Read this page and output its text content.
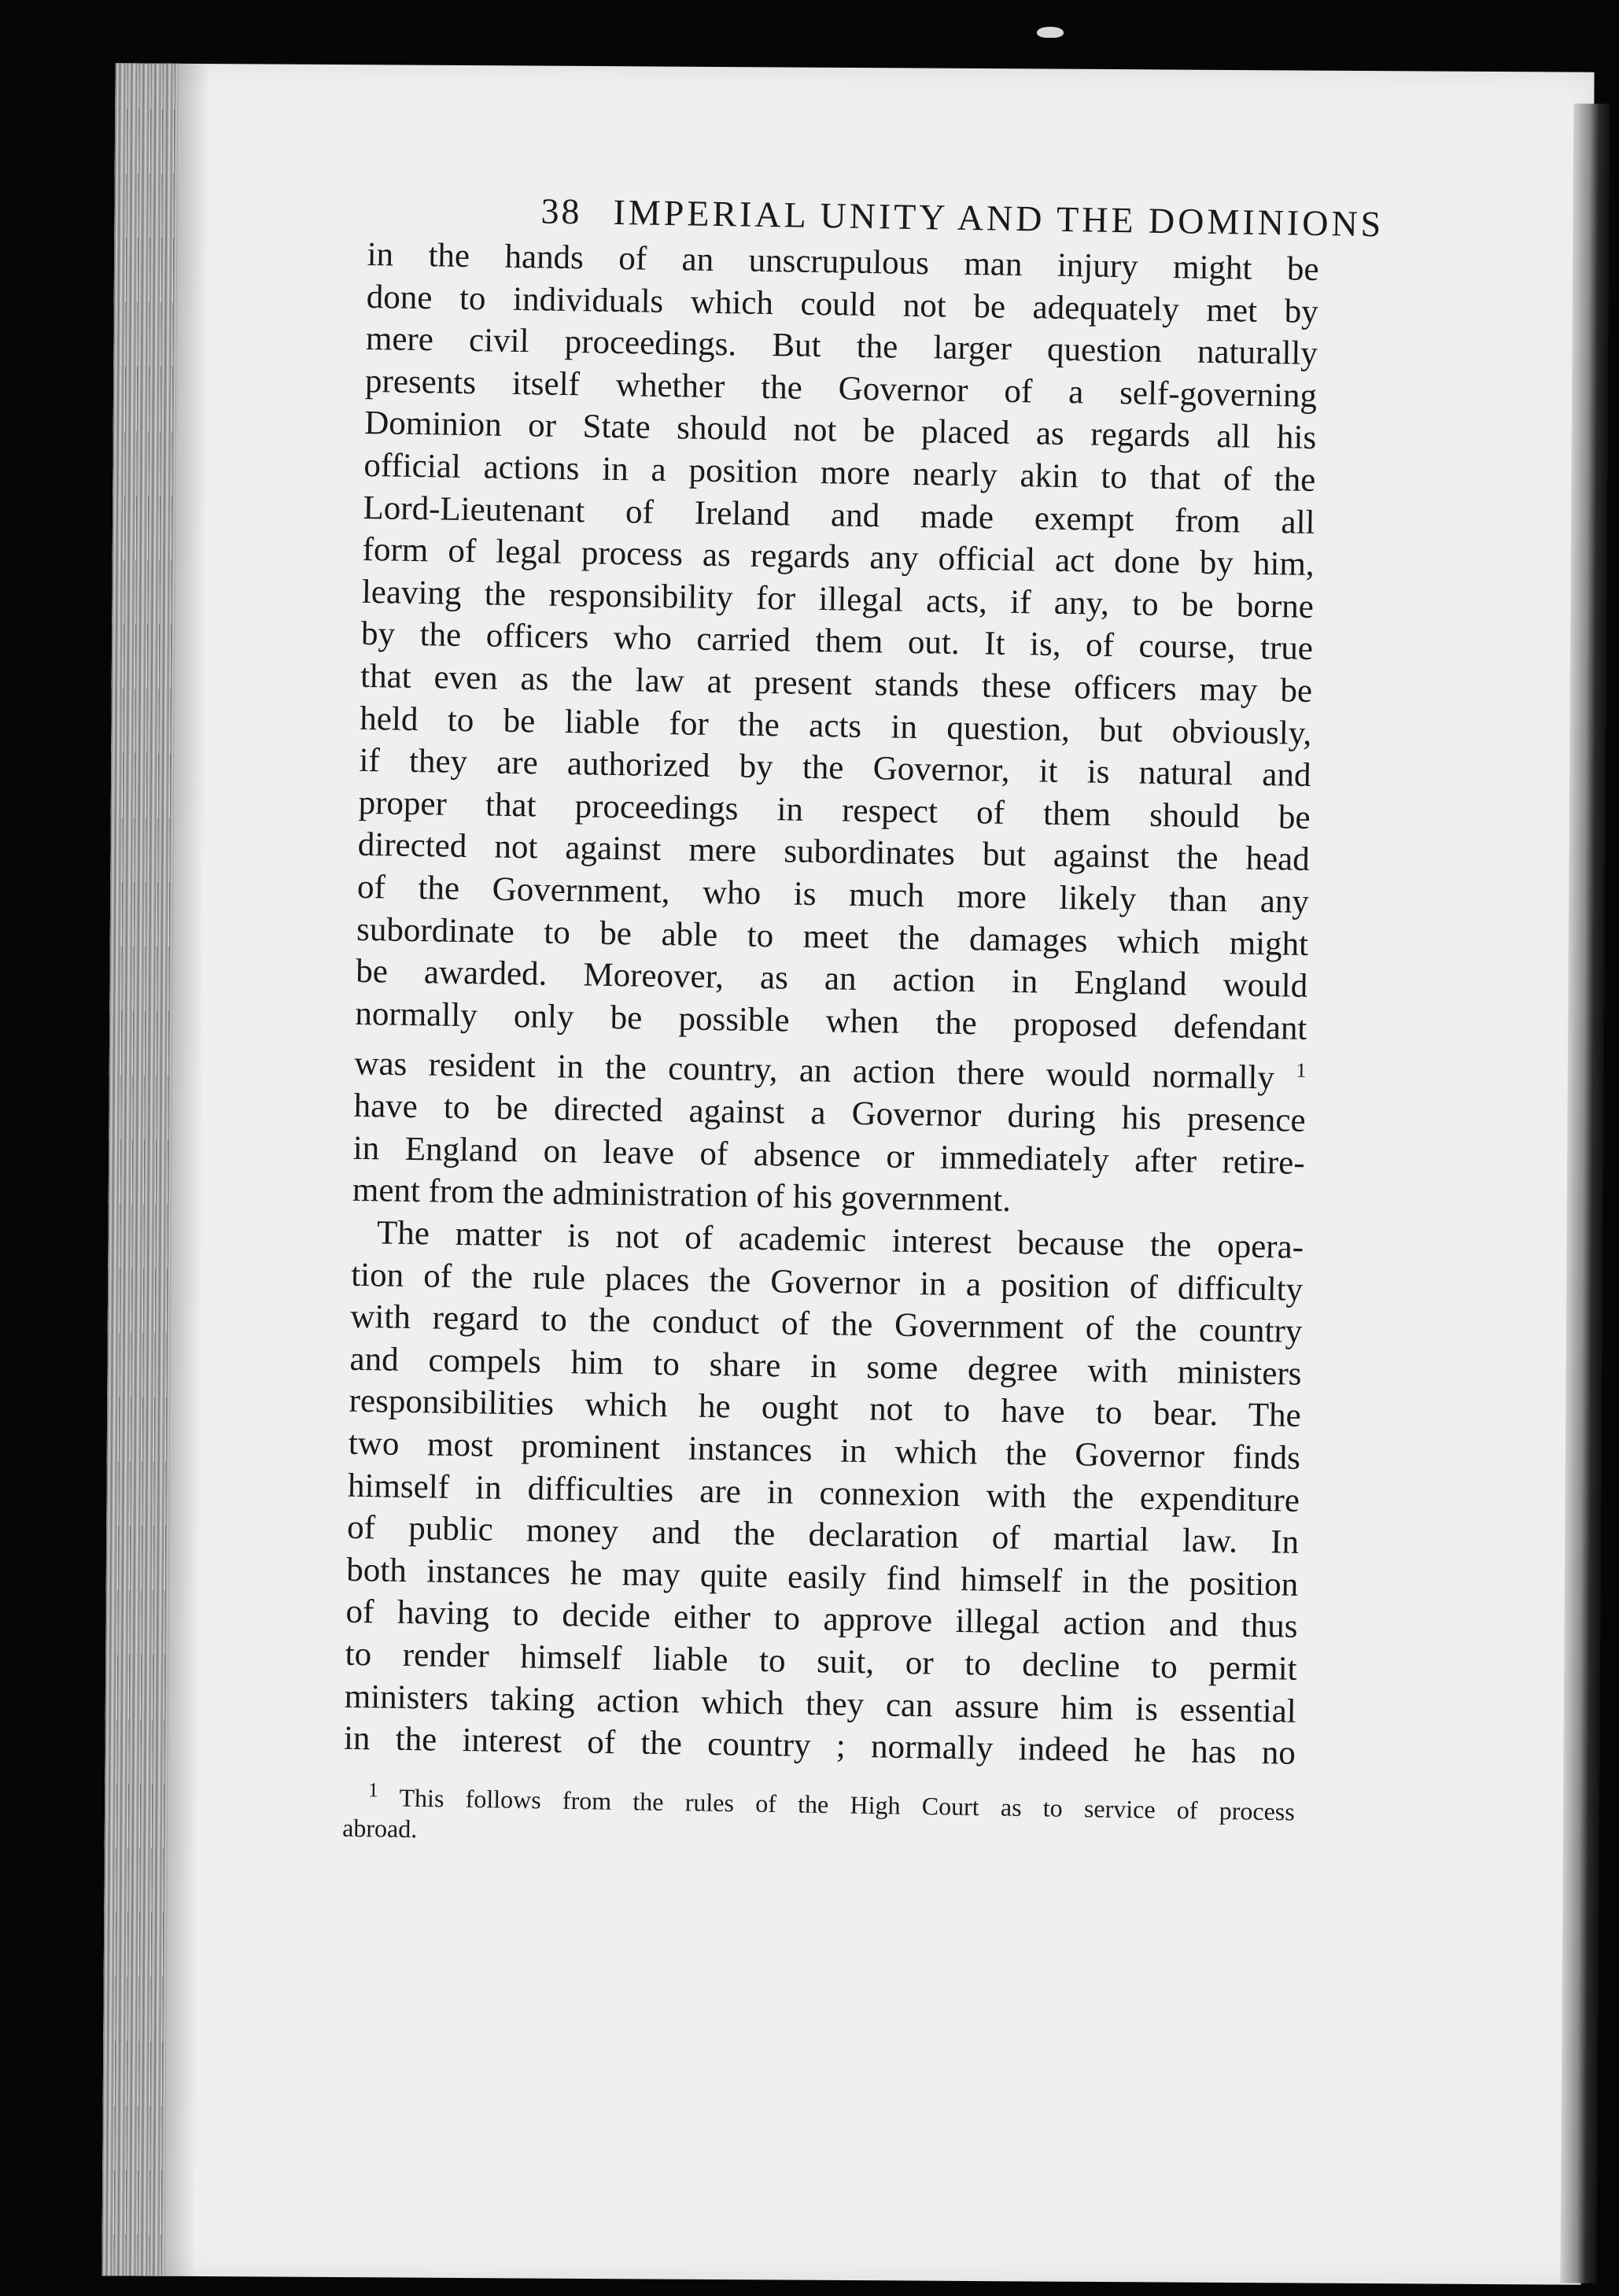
38 IMPERIAL UNITY AND THE DOMINIONS
in the hands of an unscrupulous man injury might be
done to individuals which could not be adequately met by
mere civil proceedings. But the larger question naturally
presents itself whether the Governor of a self-governing
Dominion or State should not be placed as regards all his
official actions in a position more nearly akin to that of the
Lord-Lieutenant of Ireland and made exempt from all
form of legal process as regards any official act done by him,
leaving the responsibility for illegal acts, if any, to be borne
by the officers who carried them out. It is, of course, true
that even as the law at present stands these officers may be
held to be liable for the acts in question, but obviously,
if they are authorized by the Governor, it is natural and
proper that proceedings in respect of them should be
directed not against mere subordinates but against the head
of the Government, who is much more likely than any
subordinate to be able to meet the damages which might
be awarded. Moreover, as an action in England would
normally only be possible when the proposed defendant
was resident in the country, an action there would normally $^1$
have to be directed against a Governor during his presence
in England on leave of absence or immediately after retire-
ment from the administration of his government.
The matter is not of academic interest because the opera-
tion of the rule places the Governor in a position of difficulty
with regard to the conduct of the Government of the country
and compels him to share in some degree with ministers
responsibilities which he ought not to have to bear. The
two most prominent instances in which the Governor finds
himself in difficulties are in connexion with the expenditure
of public money and the declaration of martial law. In
both instances he may quite easily find himself in the position
of having to decide either to approve illegal action and thus
to render himself liable to suit, or to decline to permit
ministers taking action which they can assure him is essential
in the interest of the country ; normally indeed he has no
$^1$ This follows from the rules of the High Court as to service of process
abroad.
